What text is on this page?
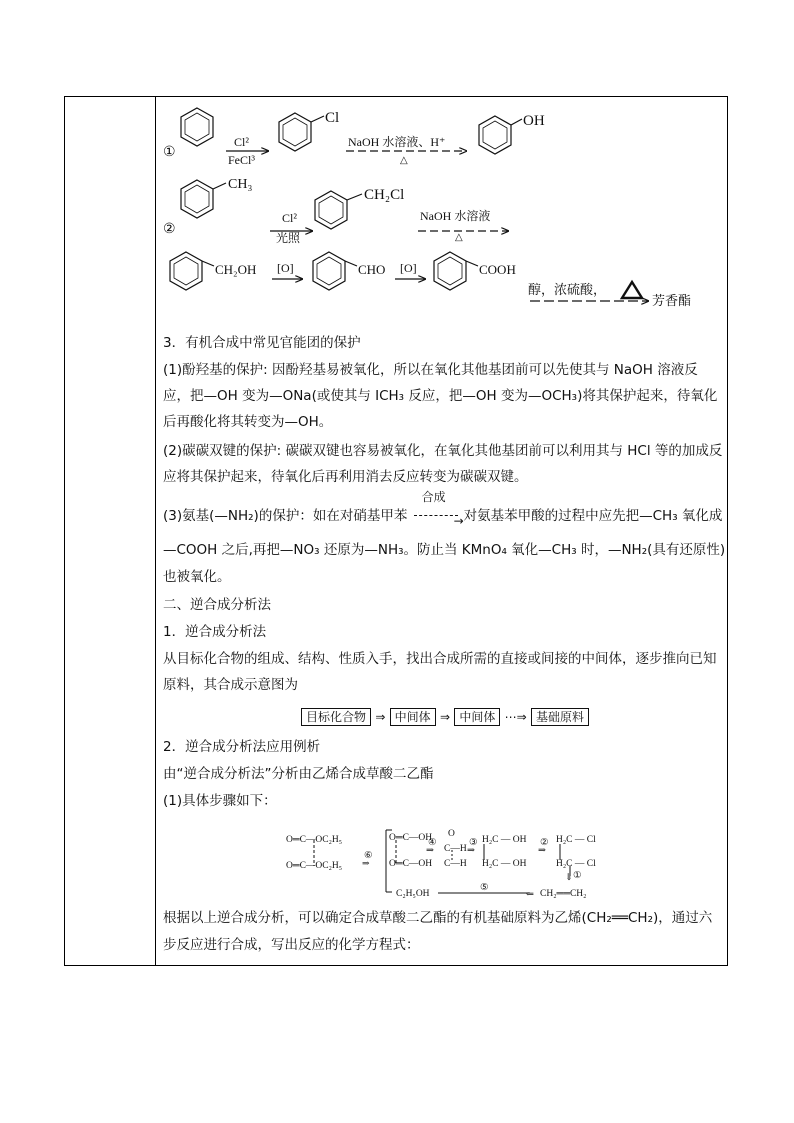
①
Cl²
FeCl³
Cl
NaOH 水溶液、H⁺
△
OH
②
CH₃
Cl²
光照
CH₂Cl
NaOH 水溶液
△
CH₂OH [O]	CHO [O]	COOH
醇，浓硫酸，
芳香酯
3．有机合成中常见官能团的保护
(1)酚羟基的保护: 因酚羟基易被氧化，所以在氧化其他基团前可以先使其与 NaOH 溶液反应，把—OH 变为—ONa(或使其与 ICH₃ 反应，把—OH 变为—OCH₃)将其保护起来，待氧化后再酸化将其转变为—OH。
(2)碳碳双键的保护: 碳碳双键也容易被氧化，在氧化其他基团前可以利用其与 HCl 等的加成反应将其保护起来，待氧化后再利用消去反应转变为碳碳双键。
(3)氨基(—NH₂)的保护：如在对硝基甲苯
合成
→ 对氨基苯甲酸的过程中应先把—CH₃ 氧化成
—COOH 之后,再把—NO₃ 还原为—NH₃。防止当 KMnO₄ 氧化—CH₃ 时，—NH₂(具有还原性)
也被氧化。
二、逆合成分析法
1．逆合成分析法
从目标化合物的组成、结构、性质入手，找出合成所需的直接或间接的中间体，逐步推向已知原料，其合成示意图为
目标化合物 ⇒ 中间体 ⇒ 中间体 ⋯⇒ 基础原料
2．逆合成分析法应用例析
由“逆合成分析法”分析由乙烯合成草酸二乙酯
(1)具体步骤如下：
根据以上逆合成分析，可以确定合成草酸二乙酯的有机基础原料为乙烯(CH₂══CH₂)，通过六
步反应进行合成，写出反应的化学方程式：
O═C—OC₂H₅
O═C—OC₂H₅
⑥
⇒
O═C—OH
O═C—OH
④
⇒
O
C—H
C—H
③
⇒
H₂C — OH
H₂C — OH
②
⇒
H₂C — Cl
H₂C — Cl
⇓ ①
C₂H₅OH
⑤
⇐ CH₂══CH₂
